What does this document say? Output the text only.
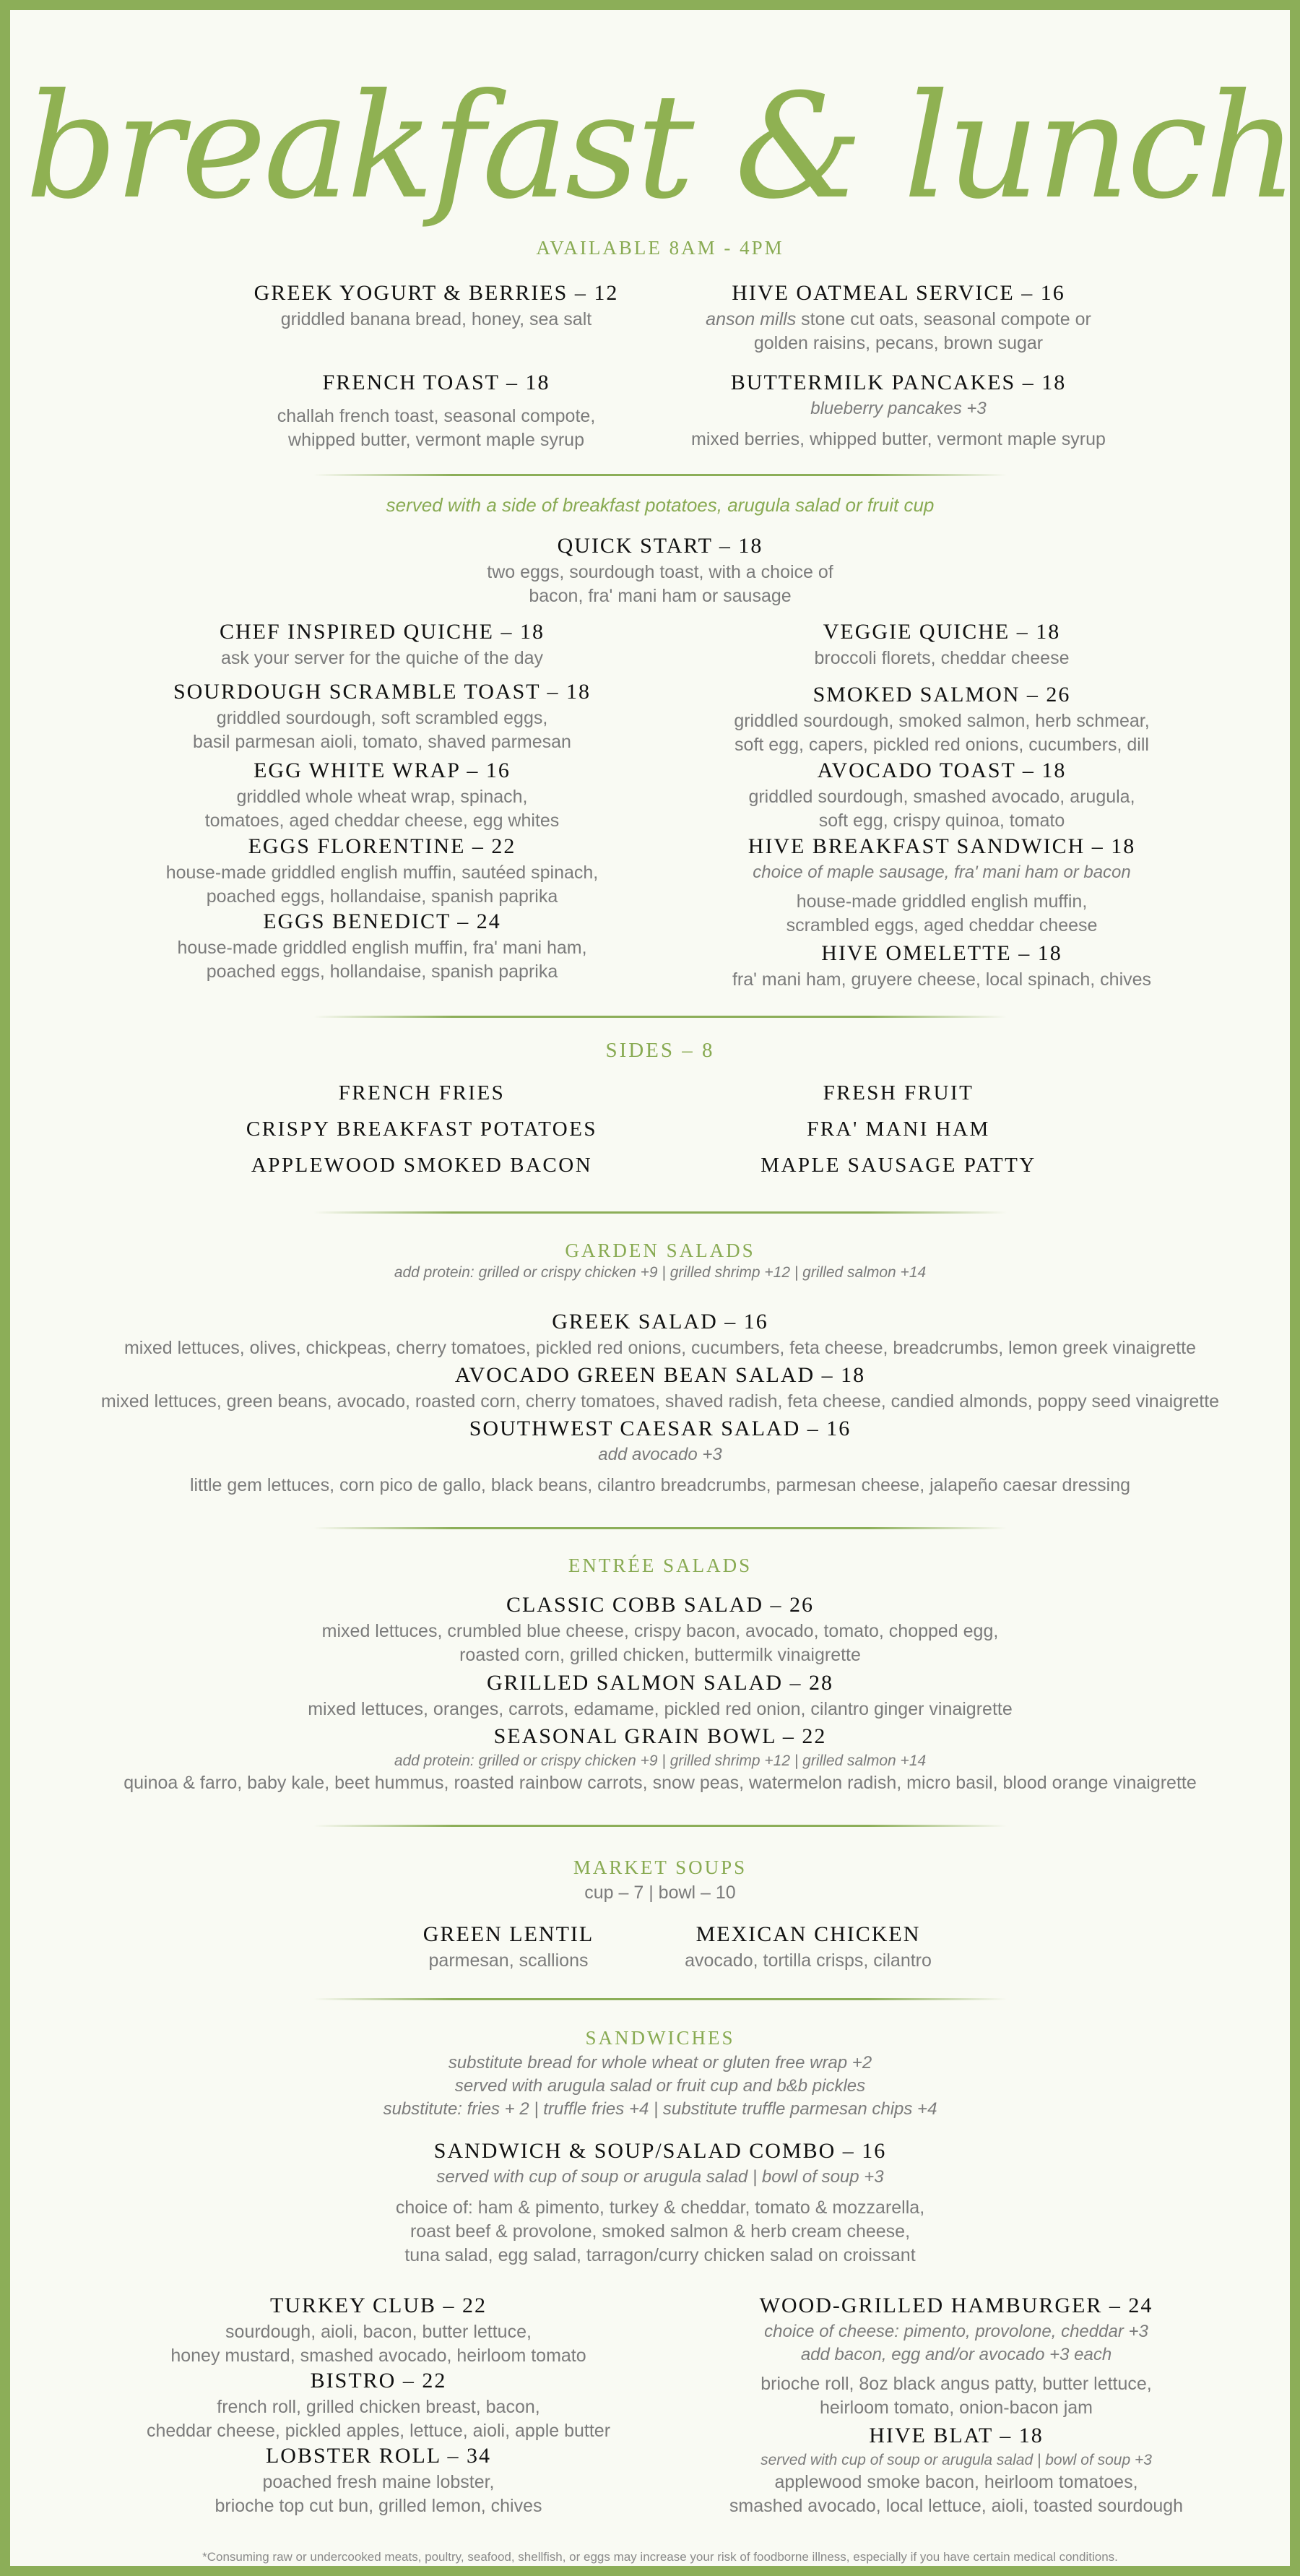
breakfast & lunch
AVAILABLE 8AM - 4PM
GREEK YOGURT & BERRIES – 12
griddled banana bread, honey, sea salt
HIVE OATMEAL SERVICE – 16
anson mills stone cut oats, seasonal compote or
golden raisins, pecans, brown sugar
FRENCH TOAST – 18
challah french toast, seasonal compote,
whipped butter, vermont maple syrup
BUTTERMILK PANCAKES – 18
blueberry pancakes +3
mixed berries, whipped butter, vermont maple syrup
served with a side of breakfast potatoes, arugula salad or fruit cup
QUICK START – 18
two eggs, sourdough toast, with a choice of
bacon, fra' mani ham or sausage
CHEF INSPIRED QUICHE – 18
ask your server for the quiche of the day
SOURDOUGH SCRAMBLE TOAST – 18
griddled sourdough, soft scrambled eggs,
basil parmesan aioli, tomato, shaved parmesan
EGG WHITE WRAP – 16
griddled whole wheat wrap, spinach,
tomatoes, aged cheddar cheese, egg whites
EGGS FLORENTINE – 22
house-made griddled english muffin, sautéed spinach,
poached eggs, hollandaise, spanish paprika
EGGS BENEDICT – 24
house-made griddled english muffin, fra' mani ham,
poached eggs, hollandaise, spanish paprika
VEGGIE QUICHE – 18
broccoli florets, cheddar cheese
SMOKED SALMON – 26
griddled sourdough, smoked salmon, herb schmear,
soft egg, capers, pickled red onions, cucumbers, dill
AVOCADO TOAST – 18
griddled sourdough, smashed avocado, arugula,
soft egg, crispy quinoa, tomato
HIVE BREAKFAST SANDWICH – 18
choice of maple sausage, fra' mani ham or bacon
house-made griddled english muffin,
scrambled eggs, aged cheddar cheese
HIVE OMELETTE – 18
fra' mani ham, gruyere cheese, local spinach, chives
SIDES – 8
FRENCH FRIES
CRISPY BREAKFAST POTATOES
APPLEWOOD SMOKED BACON
FRESH FRUIT
FRA' MANI HAM
MAPLE SAUSAGE PATTY
GARDEN SALADS
add protein: grilled or crispy chicken +9 | grilled shrimp +12 | grilled salmon +14
GREEK SALAD – 16
mixed lettuces, olives, chickpeas, cherry tomatoes, pickled red onions, cucumbers, feta cheese, breadcrumbs, lemon greek vinaigrette
AVOCADO GREEN BEAN SALAD – 18
mixed lettuces, green beans, avocado, roasted corn, cherry tomatoes, shaved radish, feta cheese, candied almonds, poppy seed vinaigrette
SOUTHWEST CAESAR SALAD – 16
add avocado +3
little gem lettuces, corn pico de gallo, black beans, cilantro breadcrumbs, parmesan cheese, jalapeño caesar dressing
ENTRÉE SALADS
CLASSIC COBB SALAD – 26
mixed lettuces, crumbled blue cheese, crispy bacon, avocado, tomato, chopped egg,
roasted corn, grilled chicken, buttermilk vinaigrette
GRILLED SALMON SALAD – 28
mixed lettuces, oranges, carrots, edamame, pickled red onion, cilantro ginger vinaigrette
SEASONAL GRAIN BOWL – 22
add protein: grilled or crispy chicken +9 | grilled shrimp +12 | grilled salmon +14
quinoa & farro, baby kale, beet hummus, roasted rainbow carrots, snow peas, watermelon radish, micro basil, blood orange vinaigrette
MARKET SOUPS
cup – 7 | bowl – 10
GREEN LENTIL
parmesan, scallions
MEXICAN CHICKEN
avocado, tortilla crisps, cilantro
SANDWICHES
substitute bread for whole wheat or gluten free wrap +2
served with arugula salad or fruit cup and b&b pickles
substitute: fries + 2 | truffle fries +4 | substitute truffle parmesan chips +4
SANDWICH & SOUP/SALAD COMBO – 16
served with cup of soup or arugula salad | bowl of soup +3
choice of: ham & pimento, turkey & cheddar, tomato & mozzarella,
roast beef & provolone, smoked salmon & herb cream cheese,
tuna salad, egg salad, tarragon/curry chicken salad on croissant
TURKEY CLUB – 22
sourdough, aioli, bacon, butter lettuce,
honey mustard, smashed avocado, heirloom tomato
BISTRO – 22
french roll, grilled chicken breast, bacon,
cheddar cheese, pickled apples, lettuce, aioli, apple butter
LOBSTER ROLL – 34
poached fresh maine lobster,
brioche top cut bun, grilled lemon, chives
WOOD-GRILLED HAMBURGER – 24
choice of cheese: pimento, provolone, cheddar +3
add bacon, egg and/or avocado +3 each
brioche roll, 8oz black angus patty, butter lettuce,
heirloom tomato, onion-bacon jam
HIVE BLAT – 18
served with cup of soup or arugula salad | bowl of soup +3
applewood smoke bacon, heirloom tomatoes,
smashed avocado, local lettuce, aioli, toasted sourdough
*Consuming raw or undercooked meats, poultry, seafood, shellfish, or eggs may increase your risk of foodborne illness, especially if you have certain medical conditions.
